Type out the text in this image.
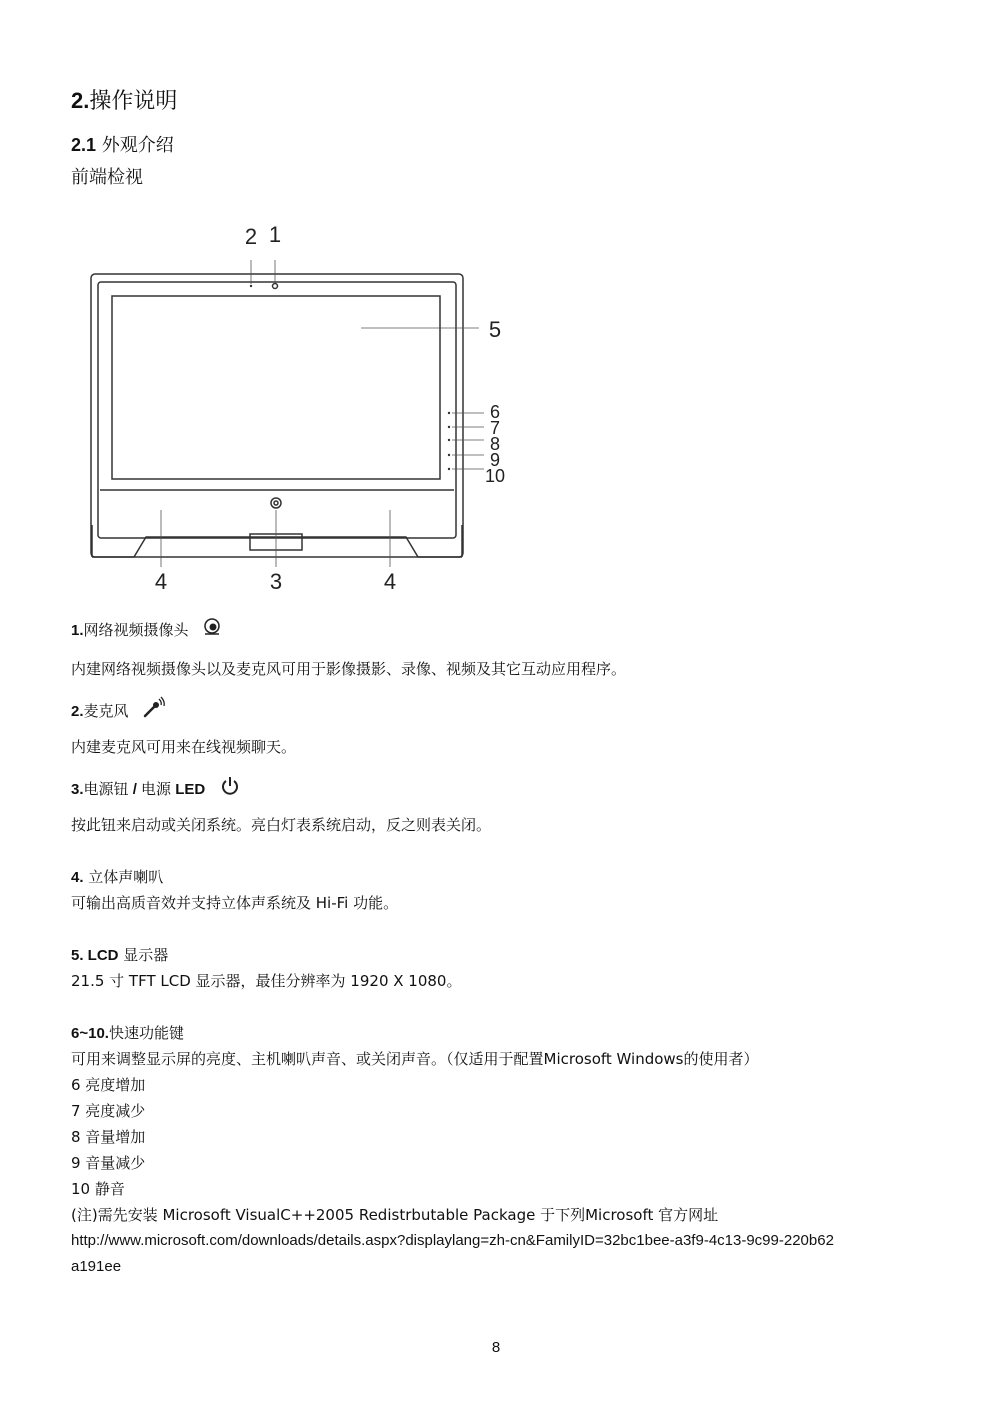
2.操作说明
2.1 外观介绍
前端检视
2 1
5
4	3	4
6
7
8
9
10
1.网络视频摄像头
内建网络视频摄像头以及麦克风可用于影像摄影、录像、视频及其它互动应用程序。
2.麦克风
内建麦克风可用来在线视频聊天。
3.电源钮 / 电源 LED
按此钮来启动或关闭系统。亮白灯表系统启动，反之则表关闭。
4. 立体声喇叭
可输出高质音效并支持立体声系统及 Hi-Fi 功能。
5. LCD 显示器
21.5 寸 TFT LCD 显示器，最佳分辨率为 1920 X 1080。
6~10.快速功能键
可用来调整显示屏的亮度、主机喇叭声音、或关闭声音。（仅适用于配置Microsoft Windows的使用者）
6 亮度增加
7 亮度减少
8 音量增加
9 音量减少
10 静音
(注)需先安装 Microsoft VisualC++2005 Redistrbutable Package 于下列Microsoft 官方网址
http://www.microsoft.com/downloads/details.aspx?displaylang=zh-cn&FamilyID=32bc1bee-a3f9-4c13-9c99-220b62
a191ee
8
